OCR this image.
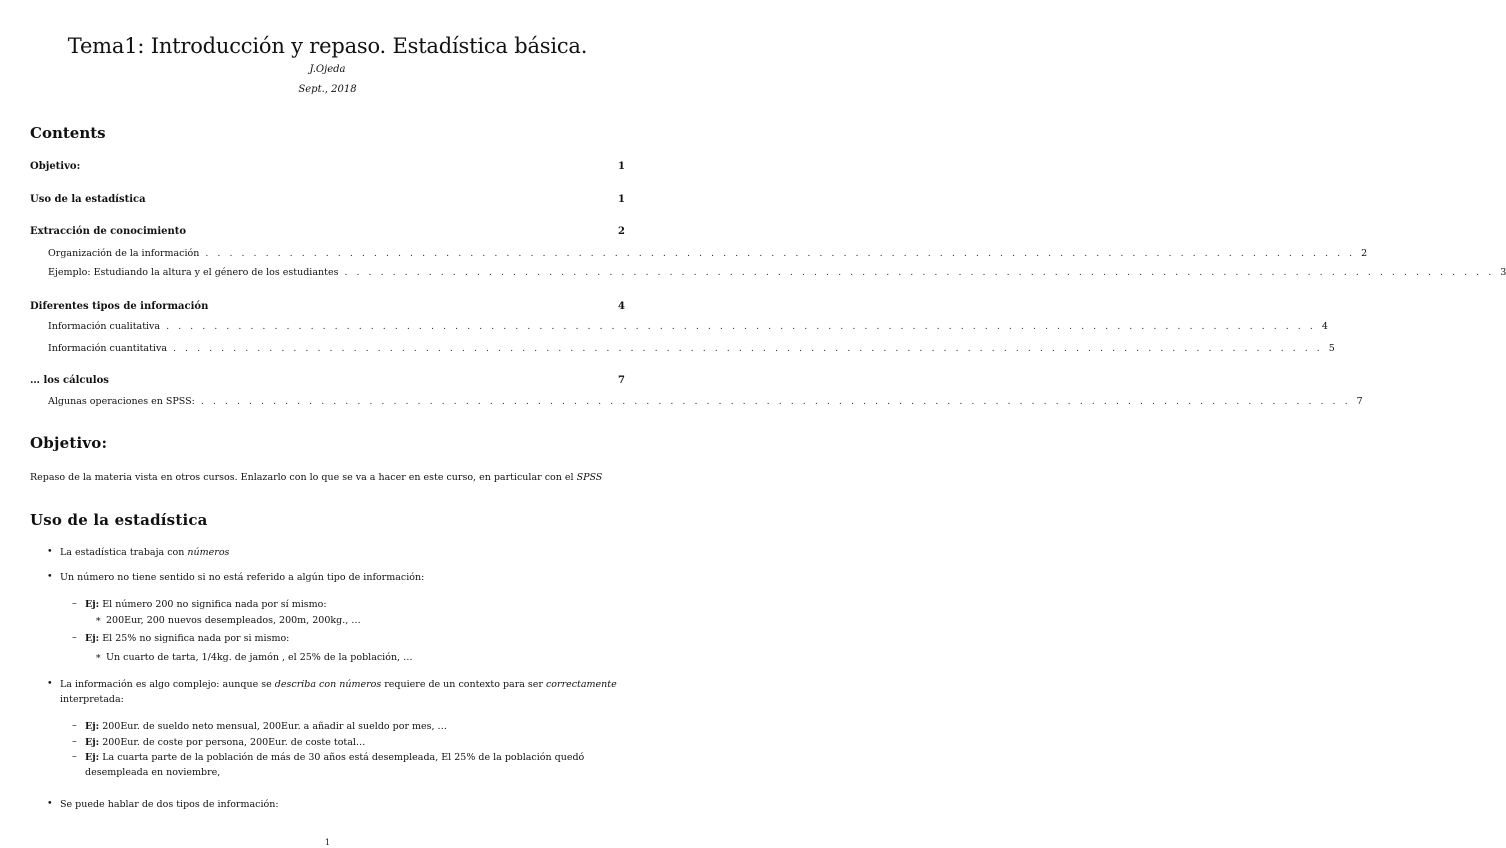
Tema1: Introducción y repaso. Estadística básica.
J.Ojeda
Sept., 2018
Contents
Objetivo:	1
Uso de la estadística	1
Extracción de conocimiento	2
Organización de la información . . . . . . . . . . . . . . . . . . . . . . . . . . . . . . . . . . . . . . . . . . . . . . . . . . . . . . . . . . . . . . . . . . . . . . . . . . . . . . . . . . . . . . . . . . . . . . . . 2
Ejemplo: Estudiando la altura y el género de los estudiantes . . . . . . . . . . . . . . . . . . . . . . . . . . . . . . . . . . . . . . . . . . . . . . . . . . . . . . . . . . . . . . . . . . . . . . . . . . . . . . . . . . . . . . . . . . . . . . . . 3
Diferentes tipos de información	4
Información cualitativa . . . . . . . . . . . . . . . . . . . . . . . . . . . . . . . . . . . . . . . . . . . . . . . . . . . . . . . . . . . . . . . . . . . . . . . . . . . . . . . . . . . . . . . . . . . . . . . . 4
Información cuantitativa . . . . . . . . . . . . . . . . . . . . . . . . . . . . . . . . . . . . . . . . . . . . . . . . . . . . . . . . . . . . . . . . . . . . . . . . . . . . . . . . . . . . . . . . . . . . . . . . 5
… los cálculos	7
Algunas operaciones en SPSS: . . . . . . . . . . . . . . . . . . . . . . . . . . . . . . . . . . . . . . . . . . . . . . . . . . . . . . . . . . . . . . . . . . . . . . . . . . . . . . . . . . . . . . . . . . . . . . . . 7
Objetivo:
Repaso de la materia vista en otros cursos. Enlazarlo con lo que se va a hacer en este curso, en particular con el SPSS
Uso de la estadística
• La estadística trabaja con números
• Un número no tiene sentido si no está referido a algún tipo de información:
– Ej: El número 200 no significa nada por sí mismo:
∗ 200Eur, 200 nuevos desempleados, 200m, 200kg., …
– Ej: El 25% no significa nada por si mismo:
∗ Un cuarto de tarta, 1/4kg. de jamón , el 25% de la población, …
• La información es algo complejo: aunque se describa con números requiere de un contexto para ser correctamente
interpretada:
– Ej: 200Eur. de sueldo neto mensual, 200Eur. a añadir al sueldo por mes, …
– Ej: 200Eur. de coste por persona, 200Eur. de coste total…
– Ej: La cuarta parte de la población de más de 30 años está desempleada, El 25% de la población quedó
desempleada en noviembre,
• Se puede hablar de dos tipos de información:
1
